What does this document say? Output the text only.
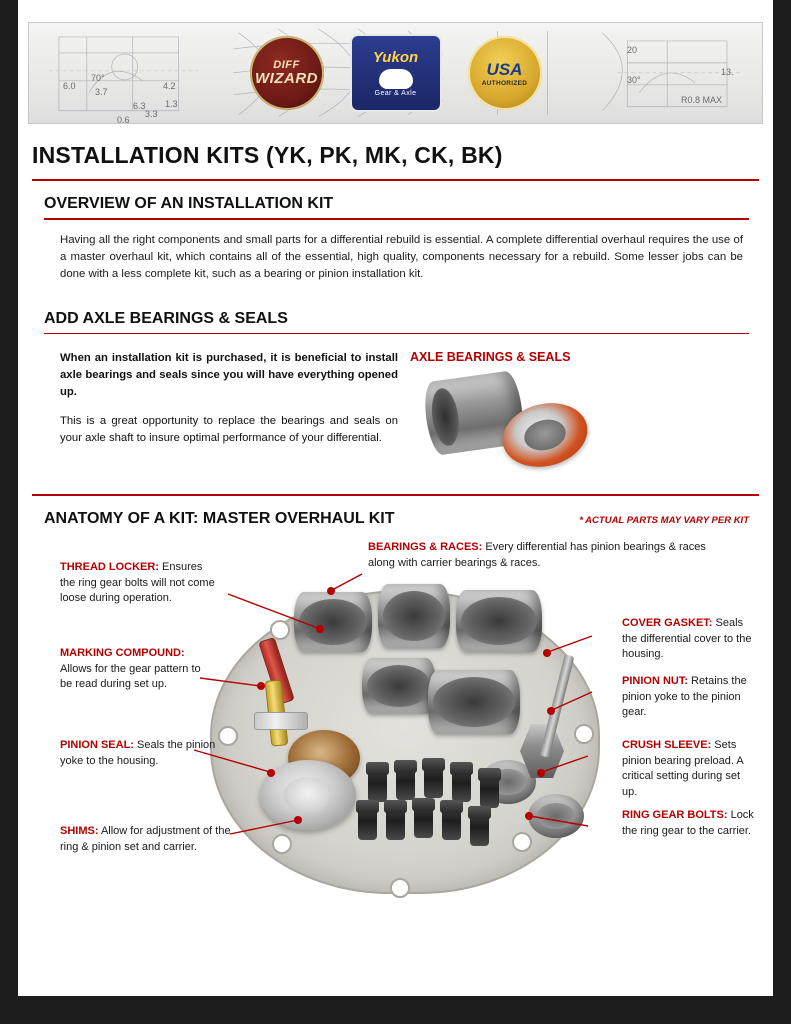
6.0
70°
3.7
4.2
1.3
6.3
0.6
3.3
20
13.
30°
R0.8 MAX
DIFF
WIZARD
Yukon
Gear & Axle
USA
AUTHORIZED
INSTALLATION KITS (YK, PK, MK, CK, BK)
OVERVIEW OF AN INSTALLATION KIT

Having all the right components and small parts for a differential rebuild is essential. A complete differential overhaul requires the use of a master overhaul kit, which contains all of the essential, high quality, components necessary for a rebuild. Some lesser jobs can be done with a less complete kit, such as a bearing or pinion installation kit.

ADD AXLE BEARINGS & SEALS

When an installation kit is purchased, it is beneficial to install axle bearings and seals since you will have everything opened up.

This is a great opportunity to replace the bearings and seals on your axle shaft to insure optimal performance of your differential.

AXLE BEARINGS & SEALS
ANATOMY OF A KIT: MASTER OVERHAUL KIT	* ACTUAL PARTS MAY VARY PER KIT
THREAD LOCKER: Ensures the ring gear bolts will not come loose during operation.
MARKING COMPOUND: Allows for the gear pattern to be read during set up.
PINION SEAL: Seals the pinion yoke to the housing.
SHIMS: Allow for adjustment of the ring & pinion set and carrier.
BEARINGS & RACES: Every differential has pinion bearings & races along with carrier bearings & races.
COVER GASKET: Seals the differential cover to the housing.
PINION NUT: Retains the pinion yoke to the pinion gear.
CRUSH SLEEVE: Sets pinion bearing preload. A critical setting during set up.
RING GEAR BOLTS: Lock the ring gear to the carrier.
